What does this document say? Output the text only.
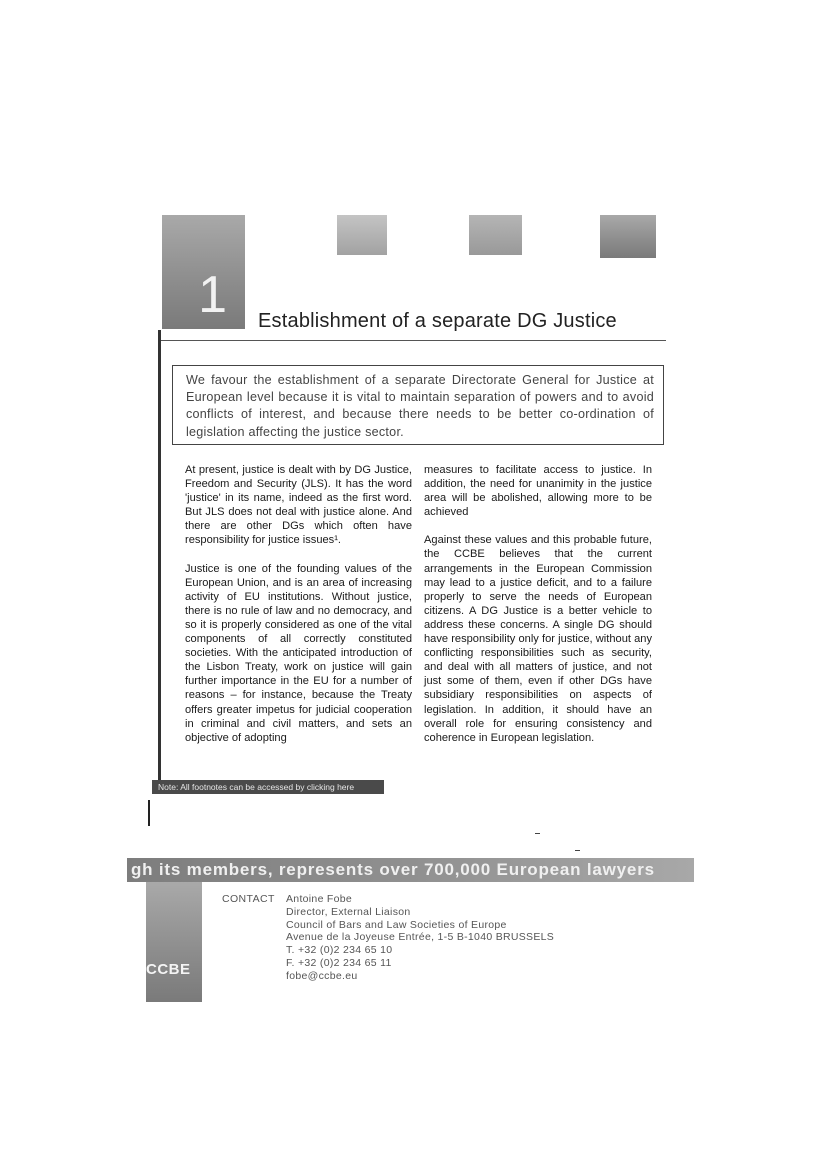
1 Establishment of a separate DG Justice
We favour the establishment of a separate Directorate General for Justice at European level because it is vital to maintain separation of powers and to avoid conflicts of interest, and because there needs to be better co-ordination of legislation affecting the justice sector.

At present, justice is dealt with by DG Justice, Freedom and Security (JLS). It has the word 'justice' in its name, indeed as the first word. But JLS does not deal with justice alone. And there are other DGs which often have responsibility for justice issues¹.

Justice is one of the founding values of the European Union, and is an area of increasing activity of EU institutions. Without justice, there is no rule of law and no democracy, and so it is properly considered as one of the vital components of all correctly constituted societies. With the anticipated introduction of the Lisbon Treaty, work on justice will gain further importance in the EU for a number of reasons – for instance, because the Treaty offers greater impetus for judicial cooperation in criminal and civil matters, and sets an objective of adopting

measures to facilitate access to justice. In addition, the need for unanimity in the justice area will be abolished, allowing more to be achieved

Against these values and this probable future, the CCBE believes that the current arrangements in the European Commission may lead to a justice deficit, and to a failure properly to serve the needs of European citizens. A DG Justice is a better vehicle to address these concerns. A single DG should have responsibility only for justice, without any conflicting responsibilities such as security, and deal with all matters of justice, and not just some of them, even if other DGs have subsidiary responsibilities on aspects of legislation. In addition, it should have an overall role for ensuring consistency and coherence in European legislation.

Note: All footnotes can be accessed by clicking here
gh its members, represents over 700,000 European lawyers
CCBE
CONTACT Antoine Fobe
Director, External Liaison
Council of Bars and Law Societies of Europe
Avenue de la Joyeuse Entrée, 1-5 B-1040 BRUSSELS
T. +32 (0)2 234 65 10
F. +32 (0)2 234 65 11
fobe@ccbe.eu
